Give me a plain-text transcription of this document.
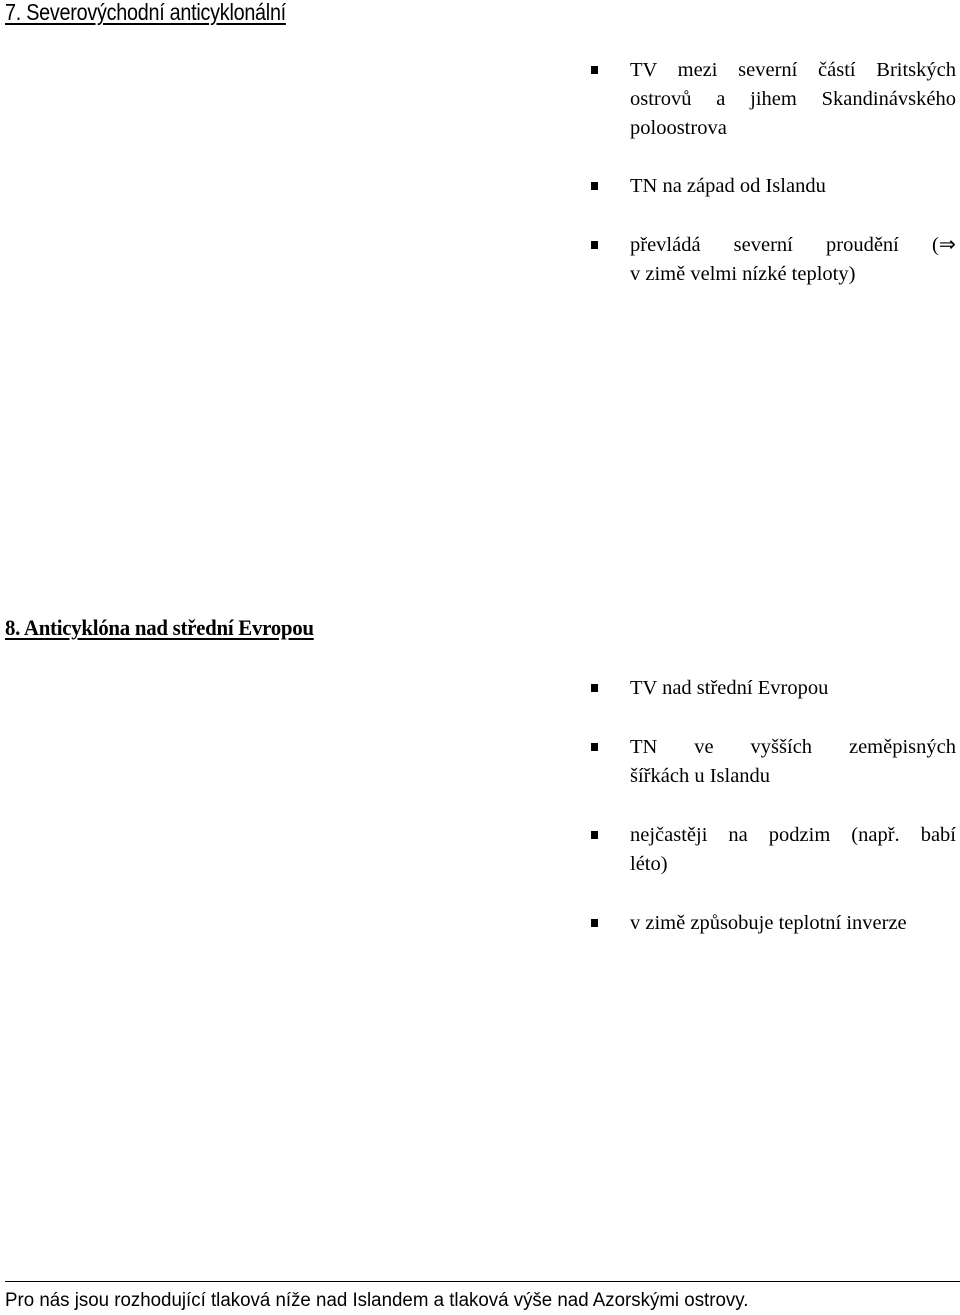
7. Severovýchodní anticyklonální
TV mezi severní částí Britských ostrovů a jihem Skandinávského
poloostrova
TN na západ od Islandu
převládá severní proudění (⇒
v zimě velmi nízké teploty)
8. Anticyklóna nad střední Evropou
TV nad střední Evropou
TN ve vyšších zeměpisných
šířkách u Islandu
nejčastěji na podzim (např. babí
léto)
v zimě způsobuje teplotní inverze
Pro nás jsou rozhodující tlaková níže nad Islandem a tlaková výše nad Azorskými ostrovy.
